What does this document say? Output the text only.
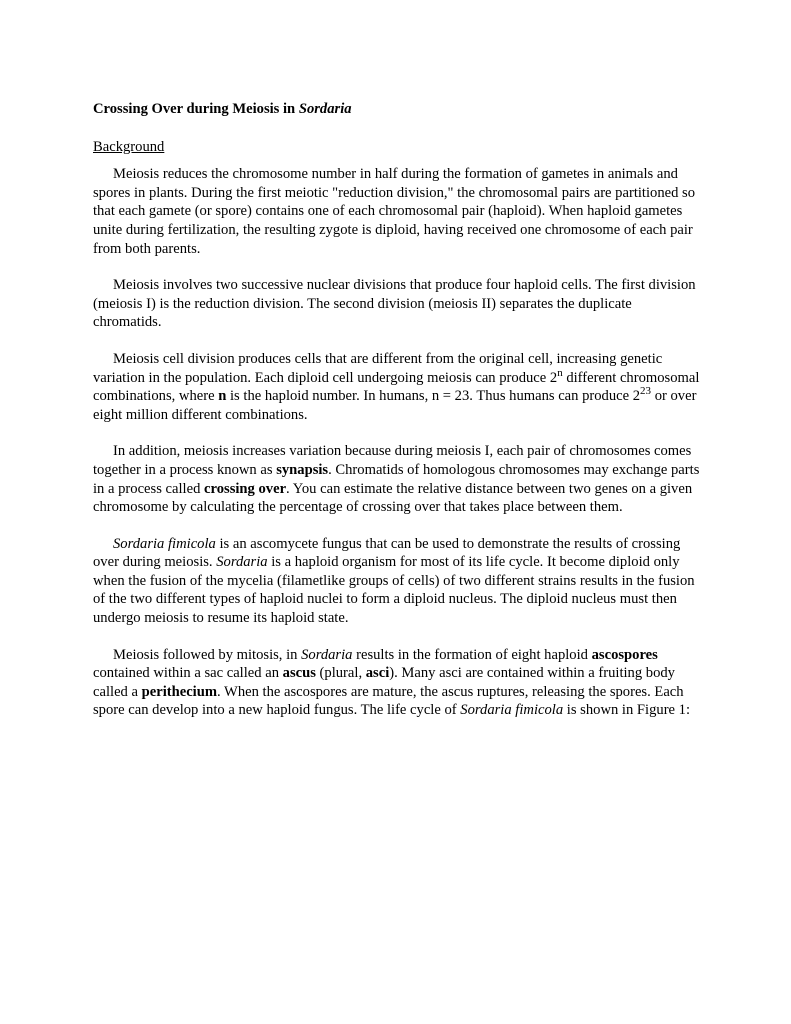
Crossing Over during Meiosis in Sordaria
Background

Meiosis reduces the chromosome number in half during the formation of gametes in animals and spores in plants. During the first meiotic "reduction division," the chromosomal pairs are partitioned so that each gamete (or spore) contains one of each chromosomal pair (haploid). When haploid gametes unite during fertilization, the resulting zygote is diploid, having received one chromosome of each pair from both parents.

Meiosis involves two successive nuclear divisions that produce four haploid cells. The first division (meiosis I) is the reduction division. The second division (meiosis II) separates the duplicate chromatids.

Meiosis cell division produces cells that are different from the original cell, increasing genetic variation in the population. Each diploid cell undergoing meiosis can produce 2$^n$ different chromosomal combinations, where n is the haploid number. In humans, n = 23. Thus humans can produce $2^{23}$ or over eight million different combinations.

In addition, meiosis increases variation because during meiosis I, each pair of chromosomes comes together in a process known as synapsis. Chromatids of homologous chromosomes may exchange parts in a process called crossing over. You can estimate the relative distance between two genes on a given chromosome by calculating the percentage of crossing over that takes place between them.

Sordaria fimicola is an ascomycete fungus that can be used to demonstrate the results of crossing over during meiosis. Sordaria is a haploid organism for most of its life cycle. It become diploid only when the fusion of the mycelia (filametlike groups of cells) of two different strains results in the fusion of the two different types of haploid nuclei to form a diploid nucleus. The diploid nucleus must then undergo meiosis to resume its haploid state.

Meiosis followed by mitosis, in Sordaria results in the formation of eight haploid ascospores contained within a sac called an ascus (plural, asci). Many asci are contained within a fruiting body called a perithecium. When the ascospores are mature, the ascus ruptures, releasing the spores. Each spore can develop into a new haploid fungus. The life cycle of Sordaria fimicola is shown in Figure 1:
